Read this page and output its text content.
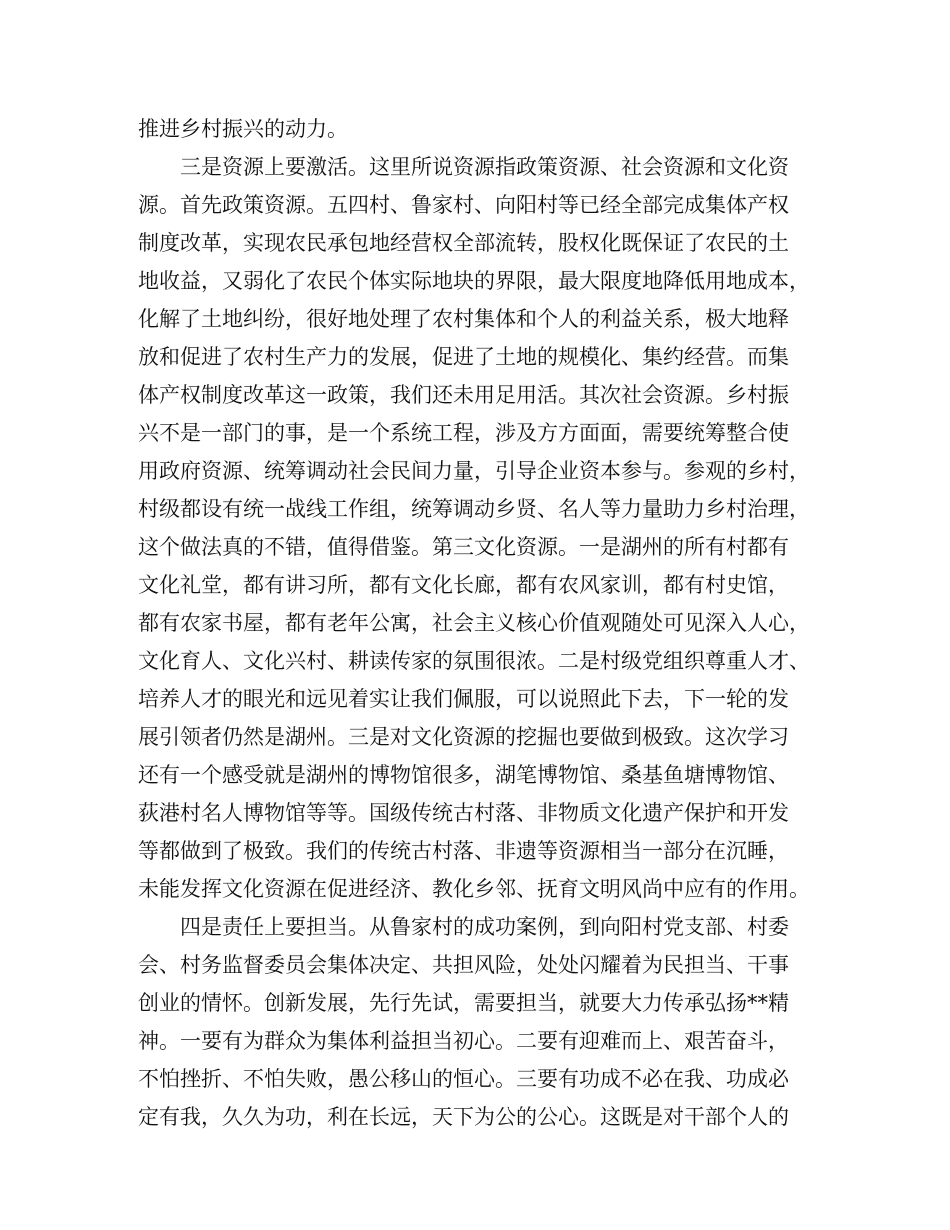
推进乡村振兴的动力。
三是资源上要激活。这里所说资源指政策资源、社会资源和文化资
源。首先政策资源。五四村、鲁家村、向阳村等已经全部完成集体产权
制度改革，实现农民承包地经营权全部流转，股权化既保证了农民的土
地收益，又弱化了农民个体实际地块的界限，最大限度地降低用地成本，
化解了土地纠纷，很好地处理了农村集体和个人的利益关系，极大地释
放和促进了农村生产力的发展，促进了土地的规模化、集约经营。而集
体产权制度改革这一政策，我们还未用足用活。其次社会资源。乡村振
兴不是一部门的事，是一个系统工程，涉及方方面面，需要统筹整合使
用政府资源、统筹调动社会民间力量，引导企业资本参与。参观的乡村，
村级都设有统一战线工作组，统筹调动乡贤、名人等力量助力乡村治理，
这个做法真的不错，值得借鉴。第三文化资源。一是湖州的所有村都有
文化礼堂，都有讲习所，都有文化长廊，都有农风家训，都有村史馆，
都有农家书屋，都有老年公寓，社会主义核心价值观随处可见深入人心，
文化育人、文化兴村、耕读传家的氛围很浓。二是村级党组织尊重人才、
培养人才的眼光和远见着实让我们佩服，可以说照此下去，下一轮的发
展引领者仍然是湖州。三是对文化资源的挖掘也要做到极致。这次学习
还有一个感受就是湖州的博物馆很多，湖笔博物馆、桑基鱼塘博物馆、
荻港村名人博物馆等等。国级传统古村落、非物质文化遗产保护和开发
等都做到了极致。我们的传统古村落、非遗等资源相当一部分在沉睡，
未能发挥文化资源在促进经济、教化乡邻、抚育文明风尚中应有的作用。
四是责任上要担当。从鲁家村的成功案例，到向阳村党支部、村委
会、村务监督委员会集体决定、共担风险，处处闪耀着为民担当、干事
创业的情怀。创新发展，先行先试，需要担当，就要大力传承弘扬**精
神。一要有为群众为集体利益担当初心。二要有迎难而上、艰苦奋斗，
不怕挫折、不怕失败，愚公移山的恒心。三要有功成不必在我、功成必
定有我，久久为功，利在长远，天下为公的公心。这既是对干部个人的
